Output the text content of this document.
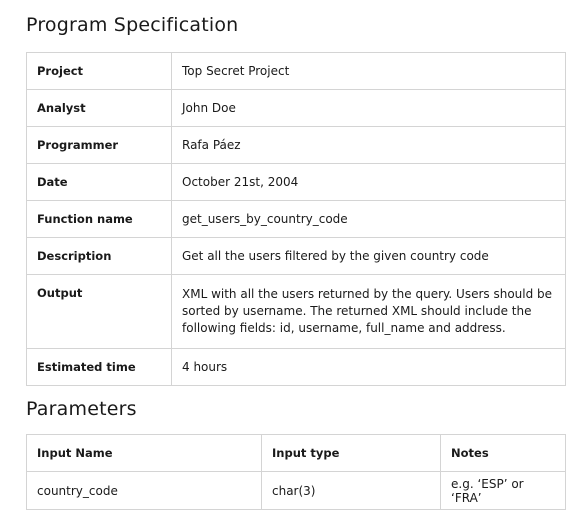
Program Specification
Project	Top Secret Project
Analyst	John Doe
Programmer	Rafa Páez
Date	October 21st, 2004
Function name	get_users_by_country_code
Description	Get all the users filtered by the given country code
Output	XML with all the users returned by the query. Users should be sorted by username. The returned XML should include the following fields: id, username, full_name and address.
Estimated time	4 hours
Parameters
Input Name	Input type	Notes
country_code	char(3)	e.g. ‘ESP’ or ‘FRA’
